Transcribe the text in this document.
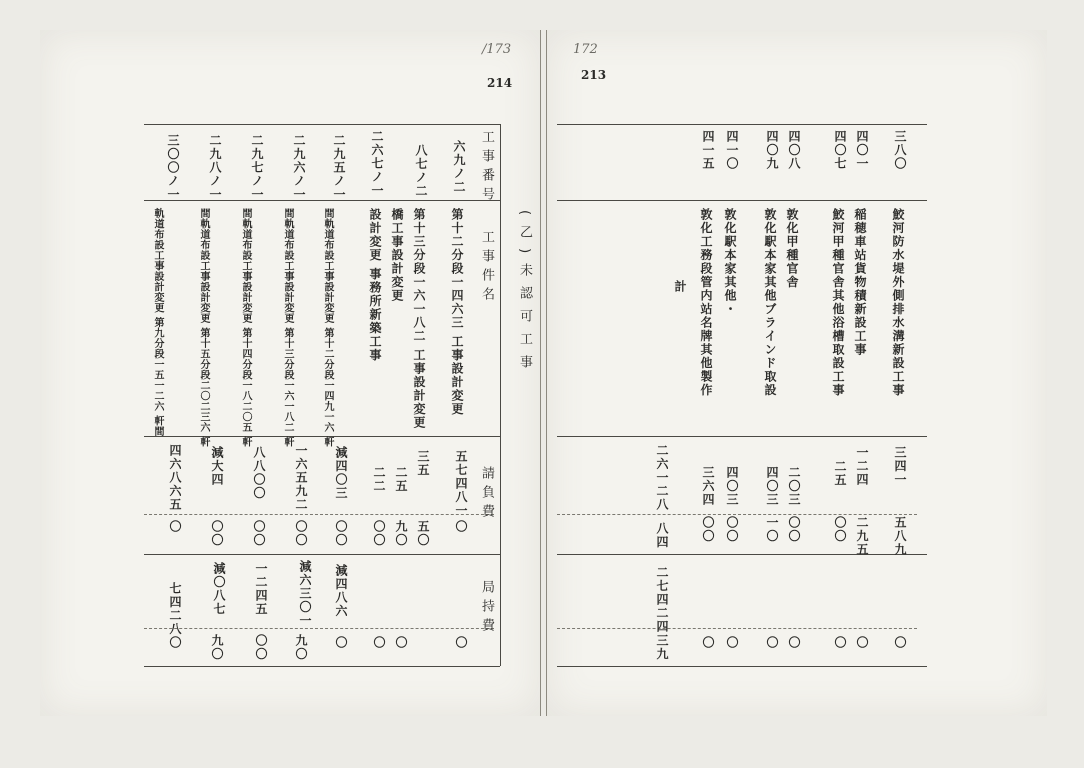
/173
214
(乙)未認可工事
工事番号
工事件名
請負費
局持費
六九ノ二
第十二分段一四六三 工事設計変更
五七四八一
〇
〇
八七ノ二
第十三分段一六一八二 工事設計変更
三五
五〇
橋工事設計変更
二五
九〇
〇
二六七ノ一
設計変更 事務所新築工事
二二
〇〇
〇
二九五ノ一
間軌道布設工事設計変更 第十二分段一四九一六 軒
減四〇三
〇〇
減四八六
〇
二九六ノ一
間軌道布設工事設計変更 第十三分段一六一八二 軒
一六五九二
〇〇
減六三〇一
九〇
二九七ノ一
間軌道布設工事設計変更 第十四分段一八二〇五 軒
八八〇〇
〇〇
一二四五
〇〇
二九八ノ一
間軌道布設工事設計変更 第十五分段二〇二三六 軒
減大四
〇〇
減〇八七
九〇
三〇〇ノ一
軌道布設工事設計変更 第九分段一五一二六 軒間
四六八六五
〇
七四二八
〇
172
213
三八〇
鮫河防水堤外側排水溝新設工事
三四一
五八九
〇
四〇一
稲穂車站貨物積新設工事
一二四
二九五
〇
四〇七
鮫河甲種官舎其他浴槽取設工事
二五
〇〇
〇
四〇八
敦化甲種官舎
二〇三
〇〇
〇
四〇九
敦化駅本家其他ブラインド取設
四〇三
一〇
〇
四一〇
敦化駅本家其他・
四〇三
〇〇
〇
四一五
敦化工務段管内站名牌其他製作
三六四
〇〇
〇
計
二六一二八
八四
二七四二四
三九
